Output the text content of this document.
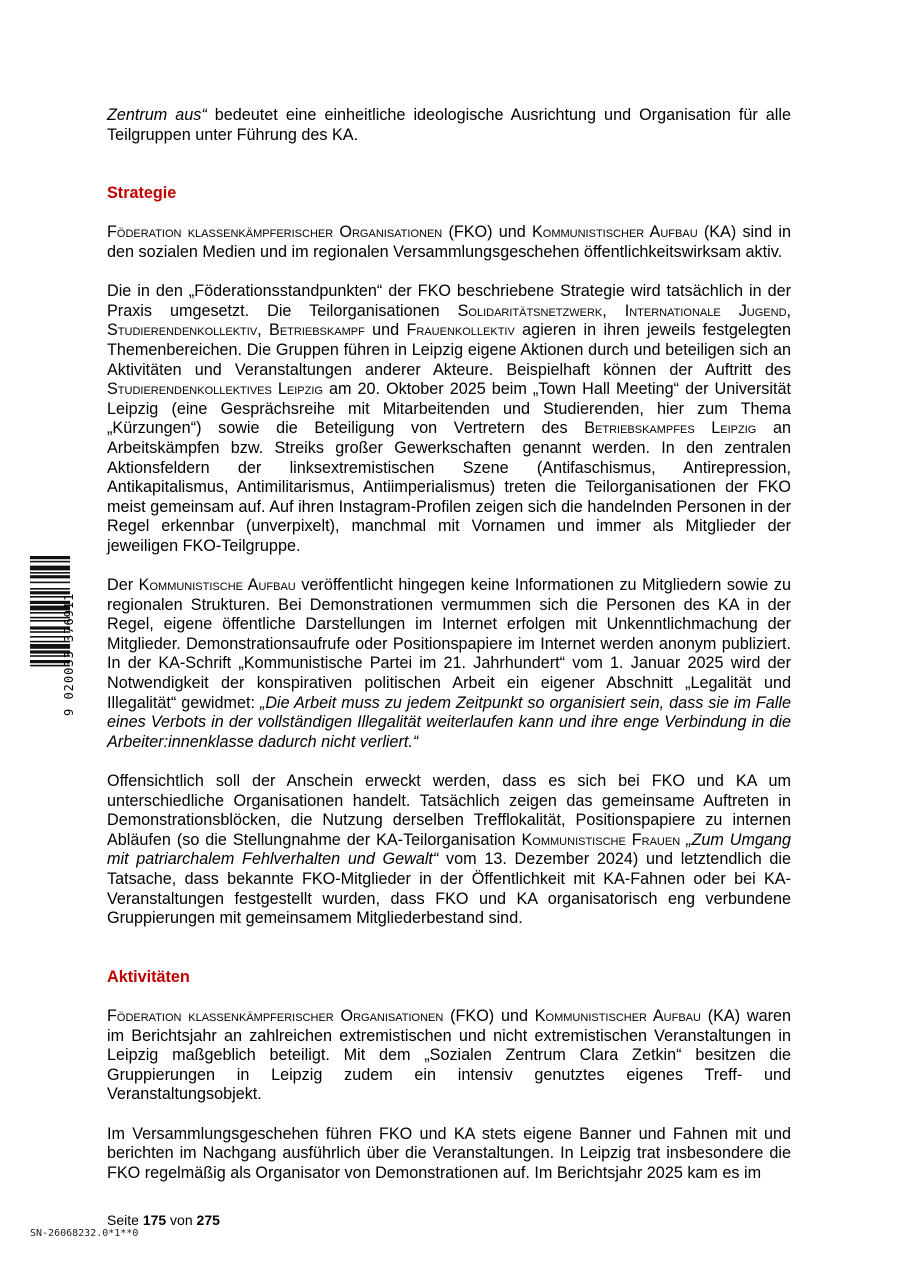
Zentrum aus“ bedeutet eine einheitliche ideologische Ausrichtung und Organisation für alle Teilgruppen unter Führung des KA.

Strategie

Föderation klassenkämpferischer Organisationen (FKO) und Kommunistischer Aufbau (KA) sind in den sozialen Medien und im regionalen Versammlungsgeschehen öffentlichkeitswirksam aktiv.

Die in den „Föderationsstandpunkten“ der FKO beschriebene Strategie wird tatsächlich in der Praxis umgesetzt. Die Teilorganisationen Solidaritätsnetzwerk, Internationale Jugend, Studierendenkollektiv, Betriebskampf und Frauenkollektiv agieren in ihren jeweils festgelegten Themenbereichen. Die Gruppen führen in Leipzig eigene Aktionen durch und beteiligen sich an Aktivitäten und Veranstaltungen anderer Akteure. Beispielhaft können der Auftritt des Studierendenkollektives Leipzig am 20. Oktober 2025 beim „Town Hall Meeting“ der Universität Leipzig (eine Gesprächsreihe mit Mitarbeitenden und Studierenden, hier zum Thema „Kürzungen“) sowie die Beteiligung von Vertretern des Betriebskampfes Leipzig an Arbeitskämpfen bzw. Streiks großer Gewerkschaften genannt werden. In den zentralen Aktionsfeldern der linksextremistischen Szene (Antifaschismus, Antirepression, Antikapitalismus, Antimilitarismus, Antiimperialismus) treten die Teilorganisationen der FKO meist gemeinsam auf. Auf ihren Instagram-Profilen zeigen sich die handelnden Personen in der Regel erkennbar (unverpixelt), manchmal mit Vornamen und immer als Mitglieder der jeweiligen FKO-Teilgruppe.

Der Kommunistische Aufbau veröffentlicht hingegen keine Informationen zu Mitgliedern sowie zu regionalen Strukturen. Bei Demonstrationen vermummen sich die Personen des KA in der Regel, eigene öffentliche Darstellungen im Internet erfolgen mit Unkenntlichmachung der Mitglieder. Demonstrationsaufrufe oder Positionspapiere im Internet werden anonym publiziert. In der KA-Schrift „Kommunistische Partei im 21. Jahrhundert“ vom 1. Januar 2025 wird der Notwendigkeit der konspirativen politischen Arbeit ein eigener Abschnitt „Legalität und Illegalität“ gewidmet: „Die Arbeit muss zu jedem Zeitpunkt so organisiert sein, dass sie im Falle eines Verbots in der vollständigen Illegalität weiterlaufen kann und ihre enge Verbindung in die Arbeiter:innenklasse dadurch nicht verliert.“

Offensichtlich soll der Anschein erweckt werden, dass es sich bei FKO und KA um unterschiedliche Organisationen handelt. Tatsächlich zeigen das gemeinsame Auftreten in Demonstrationsblöcken, die Nutzung derselben Trefflokalität, Positionspapiere zu internen Abläufen (so die Stellungnahme der KA-Teilorganisation Kommunistische Frauen „Zum Umgang mit patriarchalem Fehlverhalten und Gewalt“ vom 13. Dezember 2024) und letztendlich die Tatsache, dass bekannte FKO-Mitglieder in der Öffentlichkeit mit KA-Fahnen oder bei KA-Veranstaltungen festgestellt wurden, dass FKO und KA organisatorisch eng verbundene Gruppierungen mit gemeinsamem Mitgliederbestand sind.

Aktivitäten

Föderation klassenkämpferischer Organisationen (FKO) und Kommunistischer Aufbau (KA) waren im Berichtsjahr an zahlreichen extremistischen und nicht extremistischen Veranstaltungen in Leipzig maßgeblich beteiligt. Mit dem „Sozialen Zentrum Clara Zetkin“ besitzen die Gruppierungen in Leipzig zudem ein intensiv genutztes eigenes Treff- und Veranstaltungsobjekt.

Im Versammlungsgeschehen führen FKO und KA stets eigene Banner und Fahnen mit und berichten im Nachgang ausführlich über die Veranstaltungen. In Leipzig trat insbesondere die FKO regelmäßig als Organisator von Demonstrationen auf. Im Berichtsjahr 2025 kam es im

Seite 175 von 275
SN-26068232.0*1**0
9 020033 376911
